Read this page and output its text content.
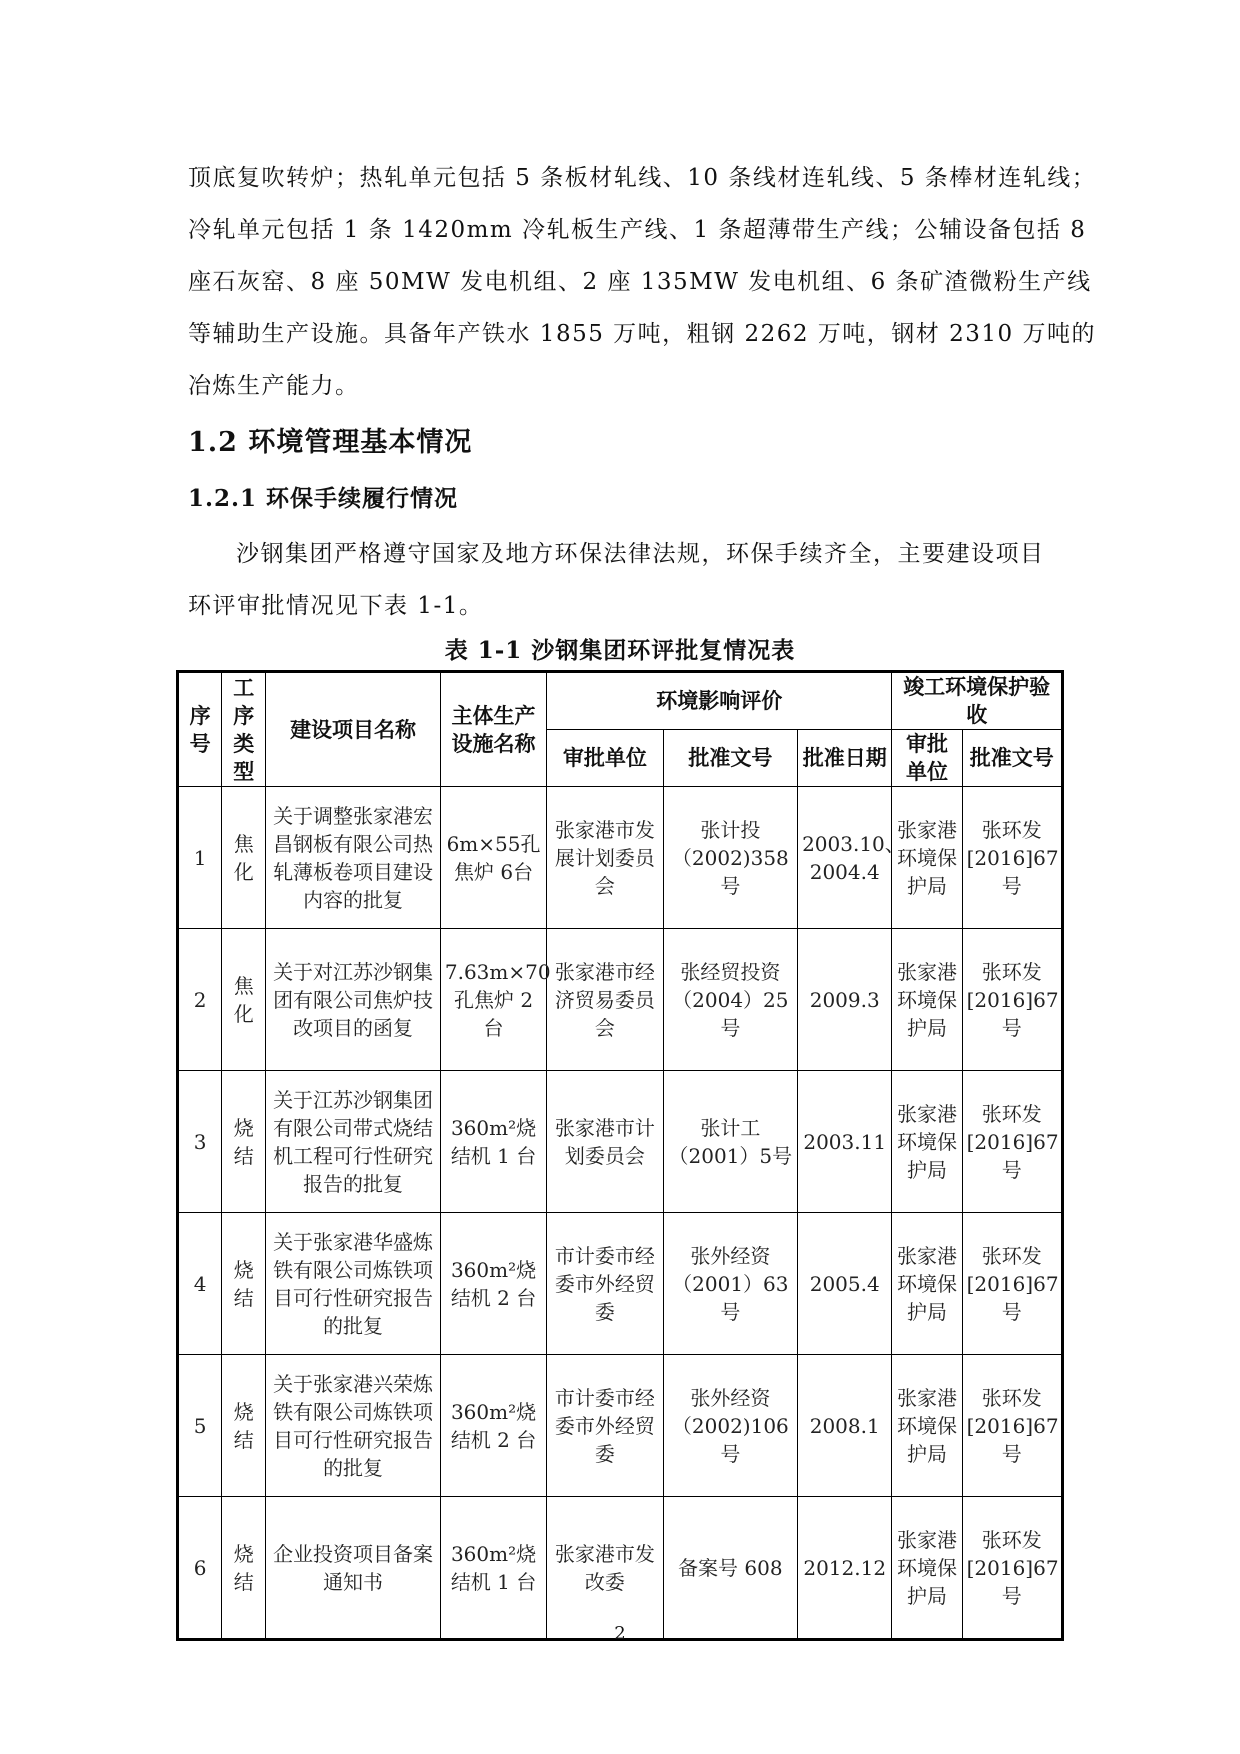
顶底复吹转炉；热轧单元包括 5 条板材轧线、10 条线材连轧线、5 条棒材连轧线；

冷轧单元包括 1 条 1420mm 冷轧板生产线、1 条超薄带生产线；公辅设备包括 8

座石灰窑、8 座 50MW 发电机组、2 座 135MW 发电机组、6 条矿渣微粉生产线

等辅助生产设施。具备年产铁水 1855 万吨，粗钢 2262 万吨，钢材 2310 万吨的

冶炼生产能力。

1.2 环境管理基本情况
1.2.1 环保手续履行情况

沙钢集团严格遵守国家及地方环保法律法规，环保手续齐全，主要建设项目

环评审批情况见下表 1-1。

表 1-1 沙钢集团环评批复情况表

序号	工序类型	建设项目名称	主体生产设施名称	环境影响评价			竣工环境保护验收	
				审批单位	批准文号	批准日期	审批单位	批准文号
1	焦化	关于调整张家港宏昌钢板有限公司热轧薄板卷项目建设内容的批复	6m×55孔焦炉 6台	张家港市发展计划委员会	张计投（2002)358号	2003.10、2004.4	张家港环境保护局	张环发[2016]67 号
2	焦化	关于对江苏沙钢集团有限公司焦炉技改项目的函复	7.63m×70 孔焦炉 2 台	张家港市经济贸易委员会	张经贸投资（2004）25号	2009.3	张家港环境保护局	张环发[2016]67 号
3	烧结	关于江苏沙钢集团有限公司带式烧结机工程可行性研究报告的批复	360m²烧结机 1 台	张家港市计划委员会	张计工（2001）5号	2003.11	张家港环境保护局	张环发[2016]67 号
4	烧结	关于张家港华盛炼铁有限公司炼铁项目可行性研究报告的批复	360m²烧结机 2 台	市计委市经委市外经贸委	张外经资（2001）63号	2005.4	张家港环境保护局	张环发[2016]67 号
5	烧结	关于张家港兴荣炼铁有限公司炼铁项目可行性研究报告的批复	360m²烧结机 2 台	市计委市经委市外经贸委	张外经资（2002)106号	2008.1	张家港环境保护局	张环发[2016]67 号
6	烧结	企业投资项目备案通知书	360m²烧结机 1 台	张家港市发改委	备案号 608	2012.12	张家港环境保护局	张环发[2016]67 号

2
